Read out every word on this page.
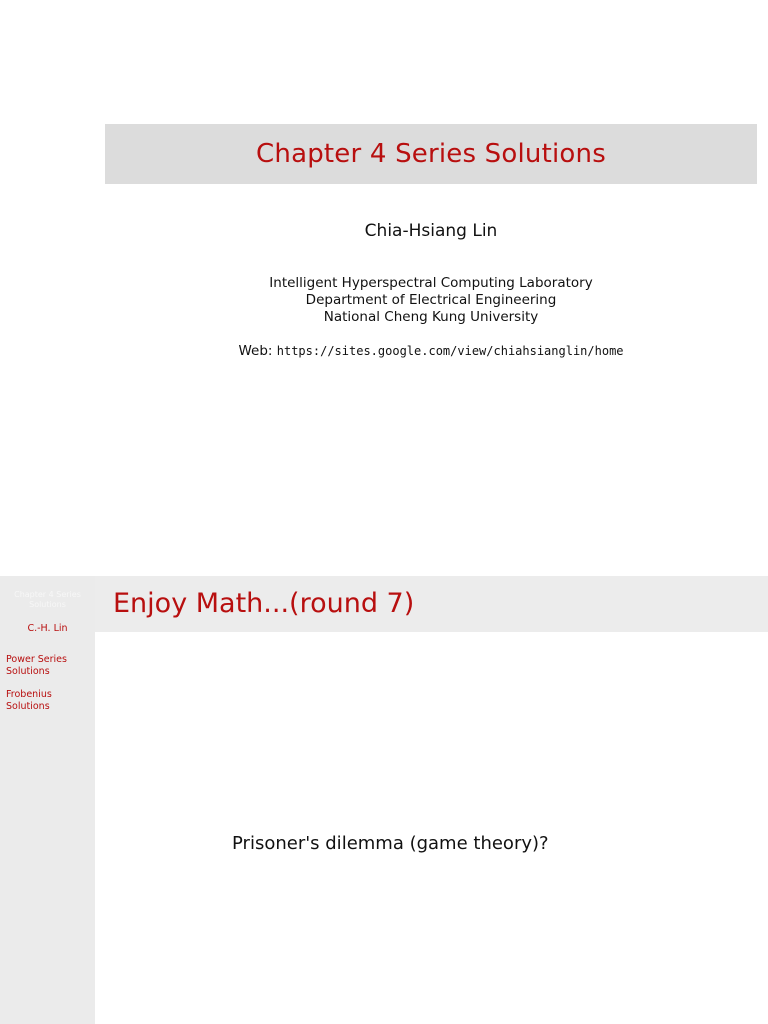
Chapter 4 Series Solutions
Chia-Hsiang Lin
Intelligent Hyperspectral Computing Laboratory
Department of Electrical Engineering
National Cheng Kung University
Web: https://sites.google.com/view/chiahsianglin/home
Chapter 4 Series Solutions
C.-H. Lin
Power Series Solutions
Frobenius Solutions
Enjoy Math...(round 7)
Prisoner's dilemma (game theory)?
